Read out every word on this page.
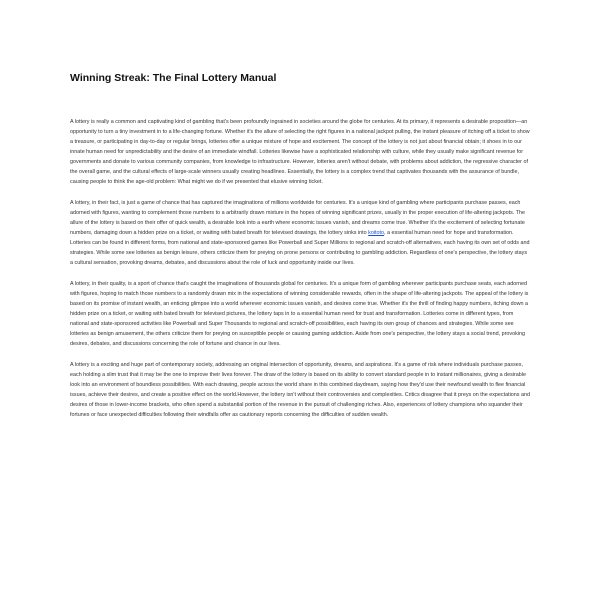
Winning Streak: The Final Lottery Manual

A lottery is really a common and captivating kind of gambling that's been profoundly ingrained in societies around the globe for centuries. At its primary, it represents a desirable proposition—an opportunity to turn a tiny investment in to a life-changing fortune. Whether it's the allure of selecting the right figures in a national jackpot pulling, the instant pleasure of itching off a ticket to show a treasure, or participating in day-to-day or regular brings, lotteries offer a unique mixture of hope and excitement. The concept of the lottery is not just about financial obtain; it shoes in to our innate human need for unpredictability and the desire of an immediate windfall. Lotteries likewise have a sophisticated relationship with culture, while they usually make significant revenue for governments and donate to various community companies, from knowledge to infrastructure. However, lotteries aren't without debate, with problems about addiction, the regressive character of the overall game, and the cultural effects of large-scale winners usually creating headlines. Essentially, the lottery is a complex trend that captivates thousands with the assurance of bundle, causing people to think the age-old problem: What might we do if we presented that elusive winning ticket.

A lottery, in their fact, is just a game of chance that has captured the imaginations of millions worldwide for centuries. It's a unique kind of gambling where participants purchase passes, each adorned with figures, wanting to complement those numbers to a arbitrarily drawn mixture in the hopes of winning significant prizes, usually in the proper execution of life-altering jackpots. The allure of the lottery is based on their offer of quick wealth, a desirable look into a earth where economic issues vanish, and dreams come true. Whether it's the excitement of selecting fortunate numbers, damaging down a hidden prize on a ticket, or waiting with bated breath for televised drawings, the lottery sinks into koitoto, a essential human need for hope and transformation. Lotteries can be found in different forms, from national and state-sponsored games like Powerball and Super Millions to regional and scratch-off alternatives, each having its own set of odds and strategies. While some see lotteries as benign leisure, others criticize them for preying on prone persons or contributing to gambling addiction. Regardless of one's perspective, the lottery stays a cultural sensation, provoking dreams, debates, and discussions about the role of luck and opportunity inside our lives.

A lottery, in their quality, is a sport of chance that's caught the imaginations of thousands global for centuries. It's a unique form of gambling wherever participants purchase seats, each adorned with figures, hoping to match those numbers to a randomly drawn mix in the expectations of winning considerable rewards, often in the shape of life-altering jackpots. The appeal of the lottery is based on its promise of instant wealth, an enticing glimpse into a world wherever economic issues vanish, and desires come true. Whether it's the thrill of finding happy numbers, itching down a hidden prize on a ticket, or waiting with bated breath for televised pictures, the lottery taps in to a essential human need for trust and transformation. Lotteries come in different types, from national and state-sponsored activities like Powerball and Super Thousands to regional and scratch-off possibilities, each having its own group of chances and strategies. While some see lotteries as benign amusement, the others criticize them for preying on susceptible people or causing gaming addiction. Aside from one's perspective, the lottery stays a social trend, provoking desires, debates, and discussions concerning the role of fortune and chance in our lives.

A lottery is a exciting and huge part of contemporary society, addressing an original intersection of opportunity, dreams, and aspirations. It's a game of risk where individuals purchase passes, each holding a slim trust that it may be the one to improve their lives forever. The draw of the lottery is based on its ability to convert standard people in to instant millionaires, giving a desirable look into an environment of boundless possibilities. With each drawing, people across the world share in this combined daydream, saying how they'd use their newfound wealth to flee financial issues, achieve their desires, and create a positive effect on the world.However, the lottery isn't without their controversies and complexities. Critics disagree that it preys on the expectations and desires of those in lower-income brackets, who often spend a substantial portion of the revenue in the pursuit of challenging riches. Also, experiences of lottery champions who squander their fortunes or face unexpected difficulties following their windfalls offer as cautionary reports concerning the difficulties of sudden wealth.
